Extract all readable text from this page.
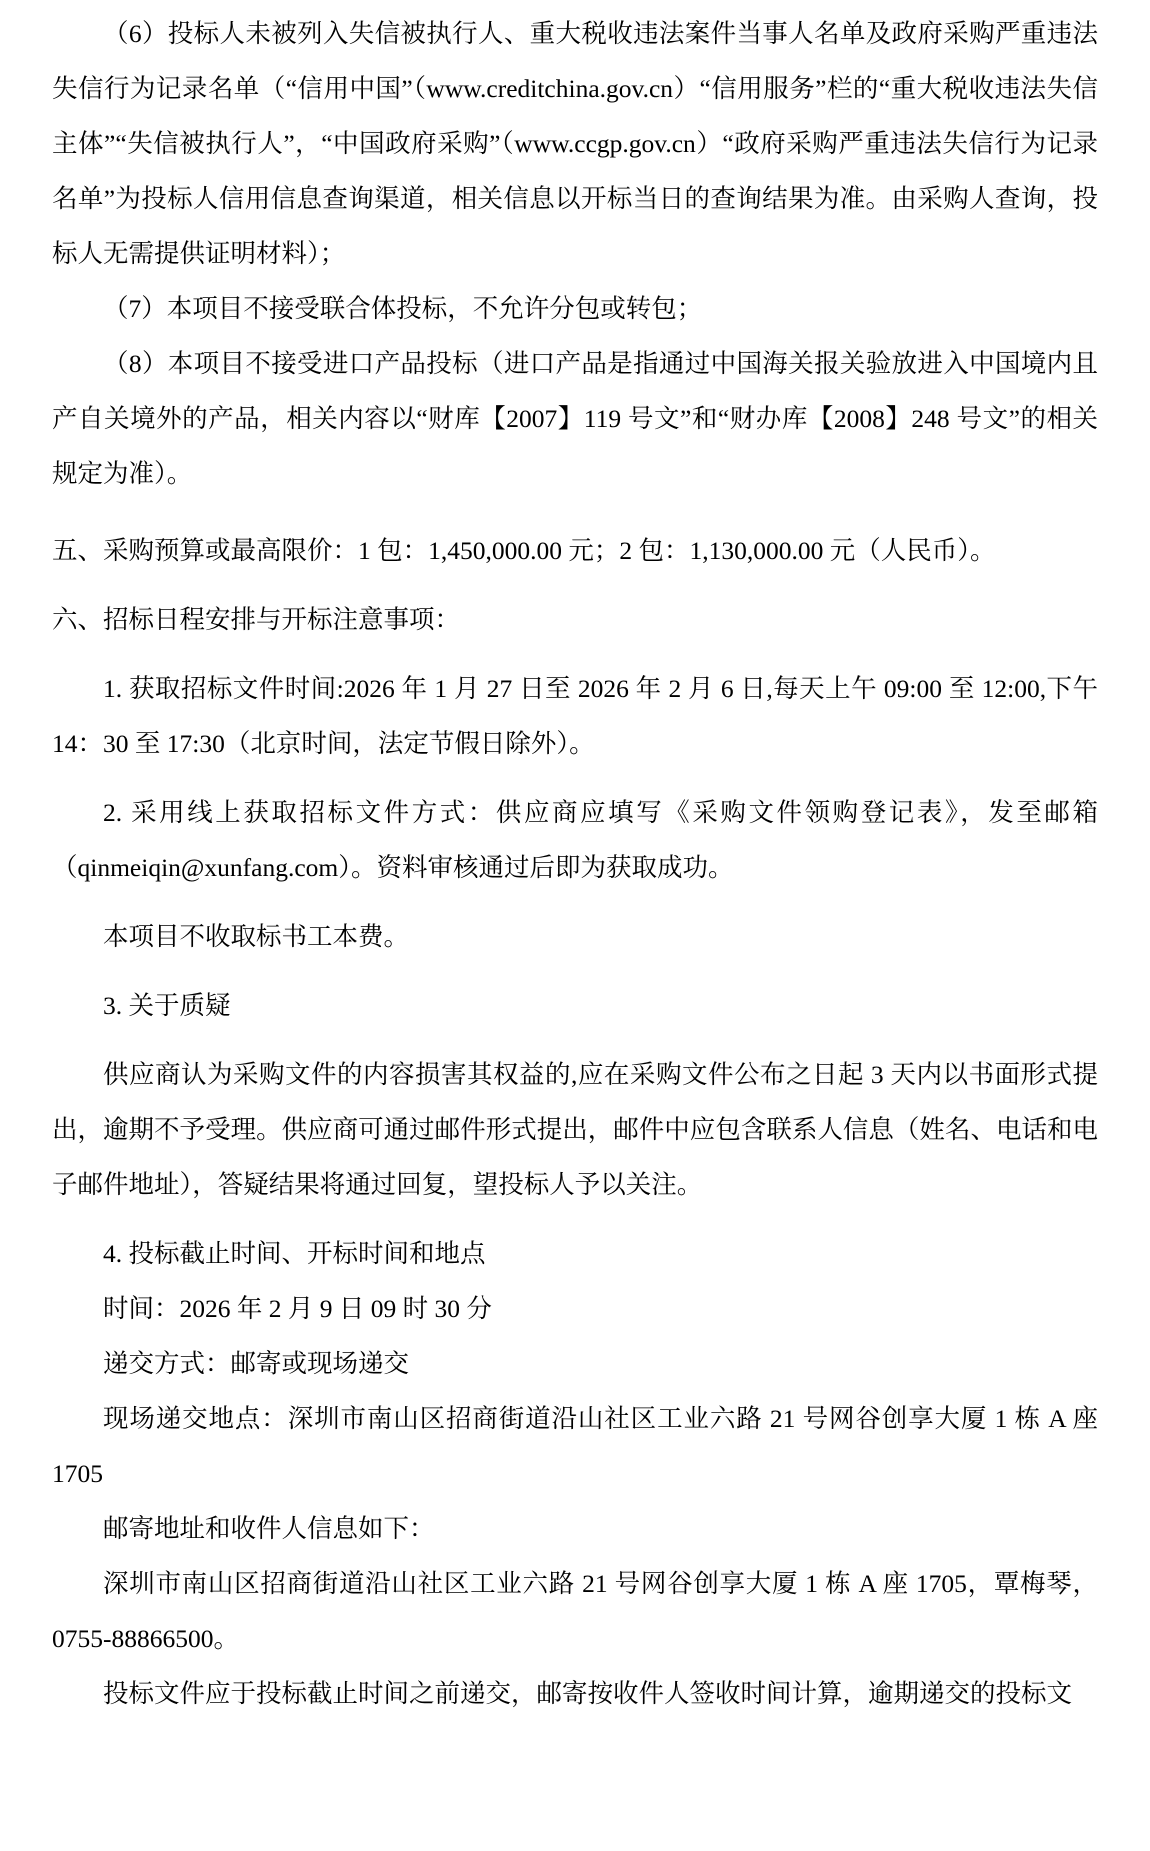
（6）投标人未被列入失信被执行人、重大税收违法案件当事人名单及政府采购严重违法失信行为记录名单（“信用中国”（www.creditchina.gov.cn）“信用服务”栏的“重大税收违法失信主体”“失信被执行人”，“中国政府采购”（www.ccgp.gov.cn）“政府采购严重违法失信行为记录名单”为投标人信用信息查询渠道，相关信息以开标当日的查询结果为准。由采购人查询，投标人无需提供证明材料）；

（7）本项目不接受联合体投标，不允许分包或转包；

（8）本项目不接受进口产品投标（进口产品是指通过中国海关报关验放进入中国境内且产自关境外的产品，相关内容以“财库【2007】119 号文”和“财办库【2008】248 号文”的相关规定为准）。

五、采购预算或最高限价：1 包：1,450,000.00 元；2 包：1,130,000.00 元（人民币）。

六、招标日程安排与开标注意事项：

1. 获取招标文件时间:2026 年 1 月 27 日至 2026 年 2 月 6 日,每天上午 09:00 至 12:00,下午 14：30 至 17:30（北京时间，法定节假日除外）。

2. 采用线上获取招标文件方式：供应商应填写《采购文件领购登记表》，发至邮箱（qinmeiqin@xunfang.com）。资料审核通过后即为获取成功。

本项目不收取标书工本费。

3. 关于质疑

供应商认为采购文件的内容损害其权益的,应在采购文件公布之日起 3 天内以书面形式提出，逾期不予受理。供应商可通过邮件形式提出，邮件中应包含联系人信息（姓名、电话和电子邮件地址），答疑结果将通过回复，望投标人予以关注。

4. 投标截止时间、开标时间和地点

时间：2026 年 2 月 9 日 09 时 30 分

递交方式：邮寄或现场递交

现场递交地点：深圳市南山区招商街道沿山社区工业六路 21 号网谷创享大厦 1 栋 A 座 1705

邮寄地址和收件人信息如下：

深圳市南山区招商街道沿山社区工业六路 21 号网谷创享大厦 1 栋 A 座 1705，覃梅琴，0755-88866500。

投标文件应于投标截止时间之前递交，邮寄按收件人签收时间计算，逾期递交的投标文
